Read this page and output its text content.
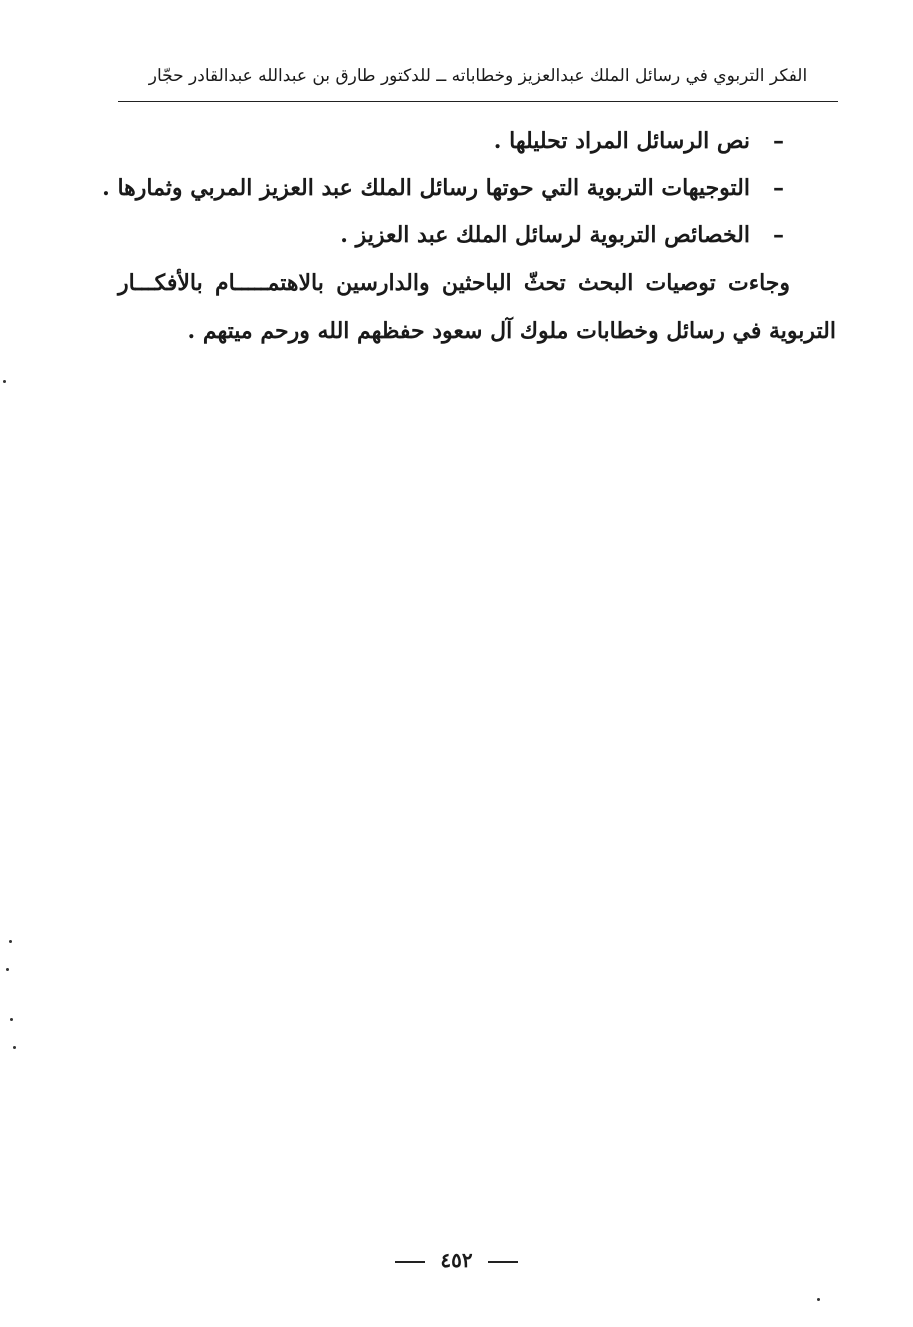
الفكر التربوي في رسائل الملك عبدالعزيز وخطاباته ــ للدكتور طارق بن عبدالله عبدالقادر حجّار
–
نص الرسائل المراد تحليلها .
–
التوجيهات التربوية التي حوتها رسائل الملك عبد العزيز المربي وثمارها .
–
الخصائص التربوية لرسائل الملك عبد العزيز .
وجاءت توصيات البحث تحثّ الباحثين والدارسين بالاهتمـــــام بالأفكـــار
التربوية في رسائل وخطابات ملوك آل سعود حفظهم الله ورحم ميتهم .
٤٥٢
